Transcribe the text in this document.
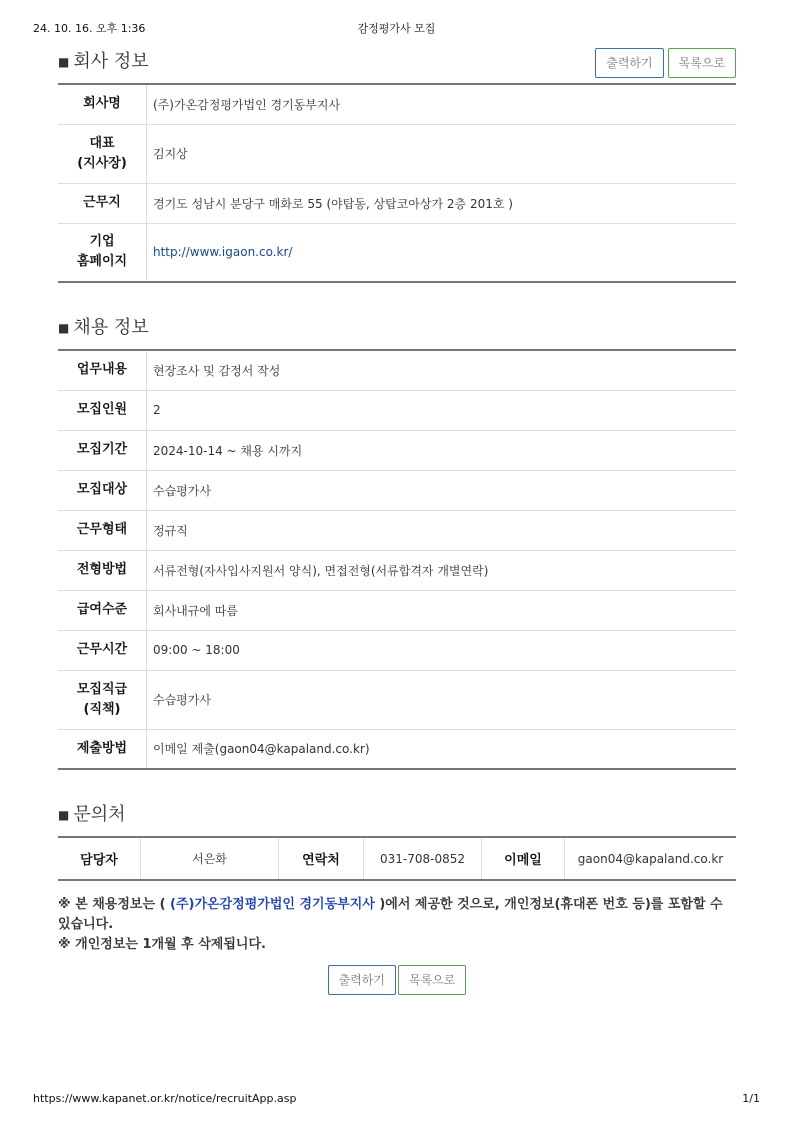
24. 10. 16. 오후 1:36	감정평가사 모집
■ 회사 정보	출력하기 목록으로
회사명	(주)가온감정평가법인 경기동부지사
대표
(지사장)	김지상
근무지	경기도 성남시 분당구 매화로 55 (야탑동, 상탑코아상가 2층 201호 )
기업
홈페이지	http://www.igaon.co.kr/
■ 채용 정보
업무내용	현장조사 및 감정서 작성
모집인원	2
모집기간	2024-10-14 ~ 채용 시까지
모집대상	수습평가사
근무형태	정규직
전형방법	서류전형(자사입사지원서 양식), 면접전형(서류합격자 개별연락)
급여수준	회사내규에 따름
근무시간	09:00 ~ 18:00
모집직급
(직책)	수습평가사
제출방법	이메일 제출(gaon04@kapaland.co.kr)
■ 문의처
담당자	서은화	연락처	031-708-0852	이메일	gaon04@kapaland.co.kr
※ 본 채용정보는 ( (주)가온감정평가법인 경기동부지사 )에서 제공한 것으로, 개인정보(휴대폰 번호 등)를 포함할 수 있습니다.
※ 개인정보는 1개월 후 삭제됩니다.
출력하기 목록으로
https://www.kapanet.or.kr/notice/recruitApp.asp	1/1
